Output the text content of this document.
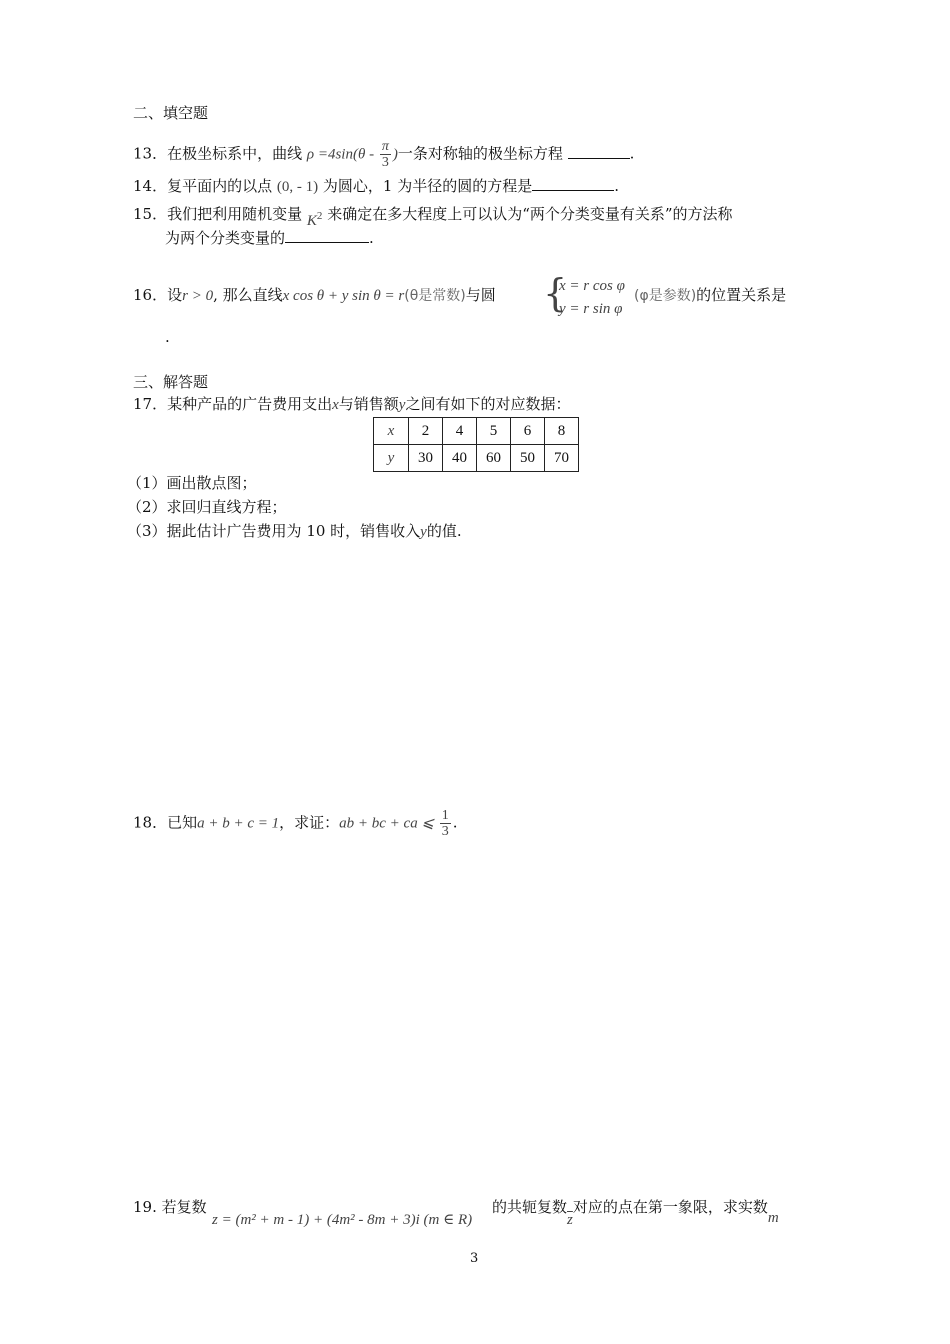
二、填空题
13．在极坐标系中，曲线 $\rho =4\sin(\theta - \frac{\pi}{3}$ )一条对称轴的极坐标方程	.
14．复平面内的以点 (0, - 1) 为圆心，1 为半径的圆的方程是	.
15．我们把利用随机变量 $K^2$ 来确定在多大程度上可以认为“两个分类变量有关系”的方法称
为两个分类变量的	.
16．设r > 0, 那么直线x cos θ + y sin θ = r(θ是常数)与圆 {
x = r cos φ
y = r sin φ
(φ是参数)的位置关系是
.
三、解答题
17．某种产品的广告费用支出x与销售额y之间有如下的对应数据：
x	2	4	5	6	8
y	30	40	60	50	70
（1）画出散点图；
（2）求回归直线方程；
（3）据此估计广告费用为 10 时，销售收入y的值.
18．已知a + b + c = 1，求证：ab + bc + ca ⩽ $\frac{1}{3}$ .
19. 若复数
z = (m² + m - 1) + (4m² - 8m + 3)i (m ∈ R)
的共轭复数$\overline{z}$对应的点在第一象限，求实数m
3
